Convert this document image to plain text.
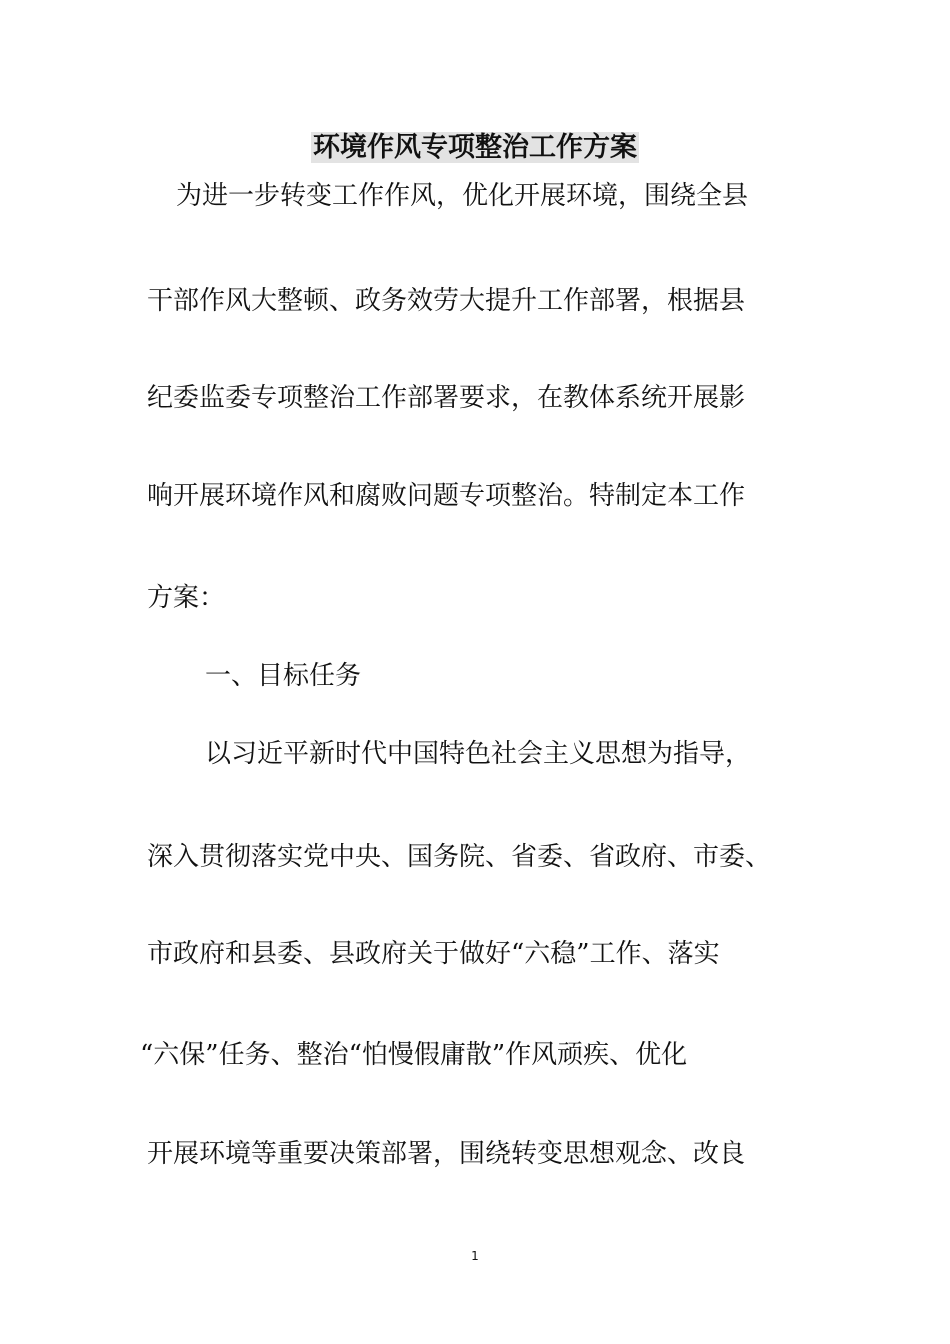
环境作风专项整治工作方案

为进一步转变工作作风，优化开展环境，围绕全县

干部作风大整顿、政务效劳大提升工作部署，根据县

纪委监委专项整治工作部署要求，在教体系统开展影

响开展环境作风和腐败问题专项整治。特制定本工作

方案：

一、目标任务

以习近平新时代中国特色社会主义思想为指导，

深入贯彻落实党中央、国务院、省委、省政府、市委、

市政府和县委、县政府关于做好“六稳”工作、落实

“六保”任务、整治“怕慢假庸散”作风顽疾、优化

开展环境等重要决策部署，围绕转变思想观念、改良

1
